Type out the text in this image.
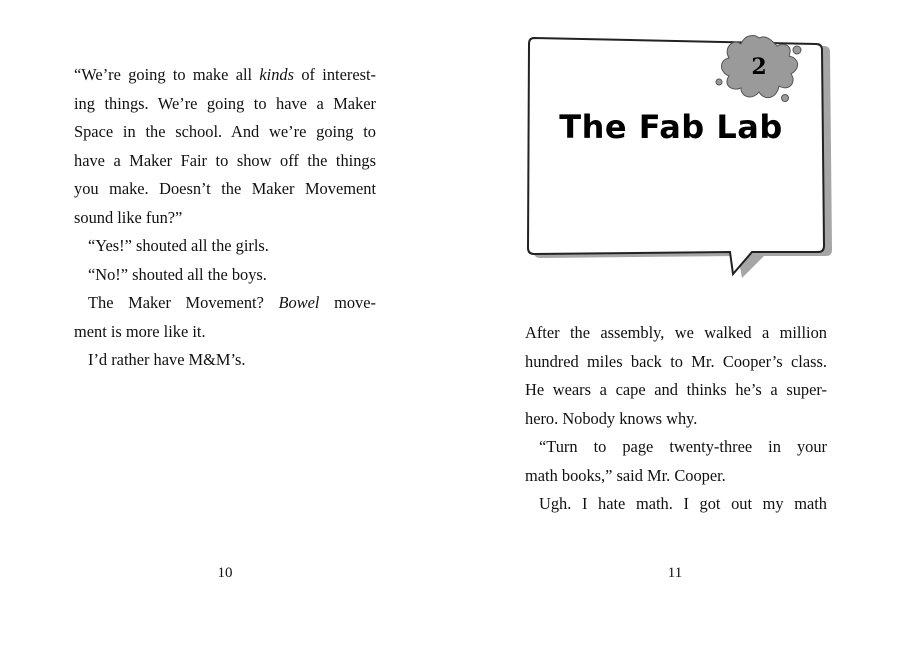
“We’re going to make all kinds of interest-
ing things. We’re going to have a Maker
Space in the school. And we’re going to
have a Maker Fair to show off the things
you make. Doesn’t the Maker Movement
sound like fun?”
“Yes!” shouted all the girls.
“No!” shouted all the boys.
The Maker Movement? Bowel move-
ment is more like it.
I’d rather have M&M’s.
10
2
The Fab Lab
After the assembly, we walked a million
hundred miles back to Mr. Cooper’s class.
He wears a cape and thinks he’s a super-
hero. Nobody knows why.
“Turn to page twenty-three in your
math books,” said Mr. Cooper.
Ugh. I hate math. I got out my math
11
